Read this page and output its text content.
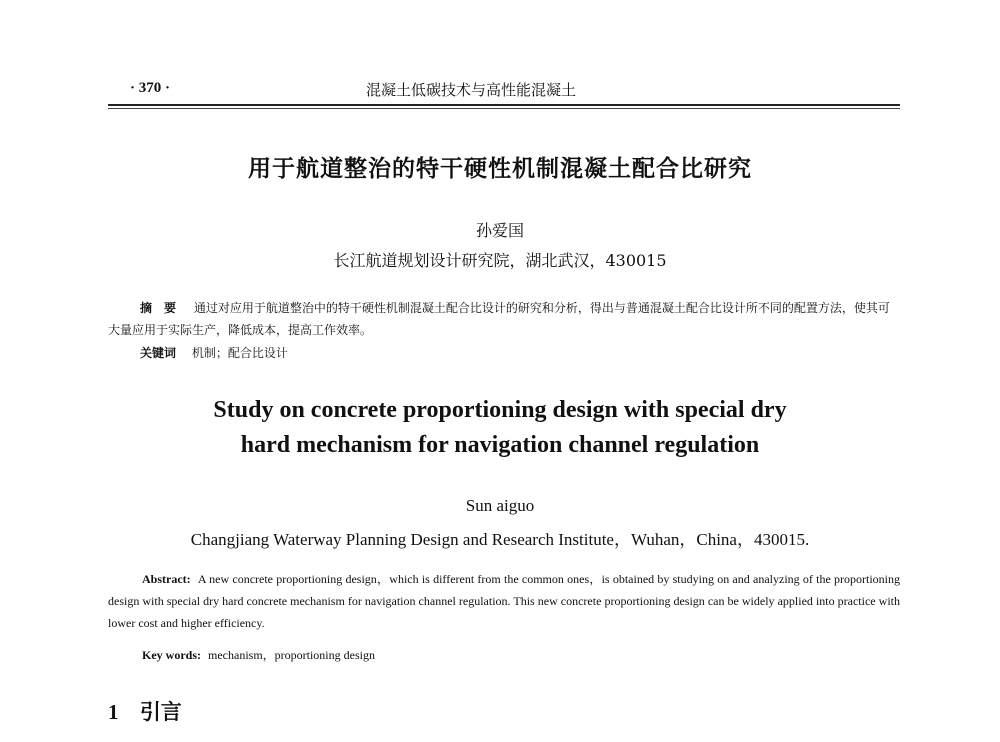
· 370 ·	混凝土低碳技术与高性能混凝土
用于航道整治的特干硬性机制混凝土配合比研究
孙爱国
长江航道规划设计研究院，湖北武汉，430015
摘　要 通过对应用于航道整治中的特干硬性机制混凝土配合比设计的研究和分析，得出与普通混凝土配合比设计所不同的配置方法，使其可大量应用于实际生产，降低成本，提高工作效率。
关键词 机制；配合比设计
Study on concrete proportioning design with special dry
hard mechanism for navigation channel regulation
Sun aiguo
Changjiang Waterway Planning Design and Research Institute，Wuhan，China，430015.
Abstract: A new concrete proportioning design，which is different from the common ones，is obtained by studying on and analyzing of the proportioning design with special dry hard concrete mechanism for navigation channel regulation. This new concrete proportioning design can be widely applied into practice with lower cost and higher efficiency.
Key words: mechanism，proportioning design
1 引言
